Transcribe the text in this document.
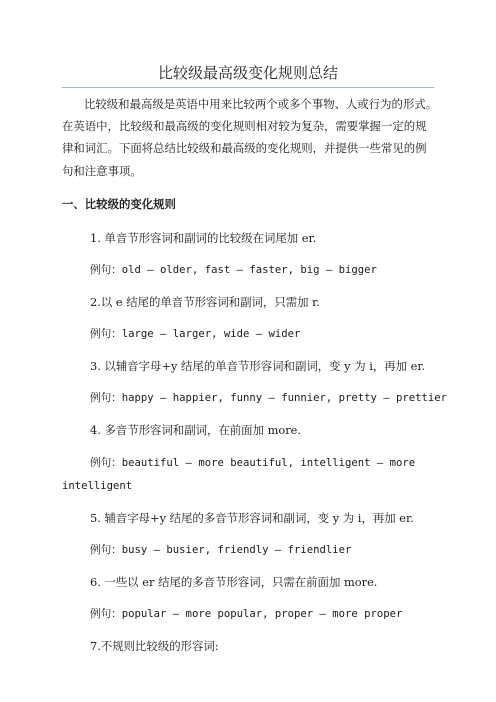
比较级最高级变化规则总结
比较级和最高级是英语中用来比较两个或多个事物、人或行为的形式。
在英语中，比较级和最高级的变化规则相对较为复杂，需要掌握一定的规
律和词汇。下面将总结比较级和最高级的变化规则，并提供一些常见的例
句和注意事项。
一、比较级的变化规则
1. 单音节形容词和副词的比较级在词尾加 er.
例句：old – older, fast – faster, big – bigger
2.以 e 结尾的单音节形容词和副词，只需加 r.
例句：large – larger, wide – wider
3. 以辅音字母+y 结尾的单音节形容词和副词，变 y 为 i，再加 er.
例句：happy – happier, funny – funnier, pretty – prettier
4. 多音节形容词和副词，在前面加 more.
例句：beautiful – more beautiful, intelligent – more
intelligent
5. 辅音字母+y 结尾的多音节形容词和副词，变 y 为 i，再加 er.
例句：busy – busier, friendly – friendlier
6. 一些以 er 结尾的多音节形容词，只需在前面加 more.
例句：popular – more popular, proper – more proper
7.不规则比较级的形容词:
